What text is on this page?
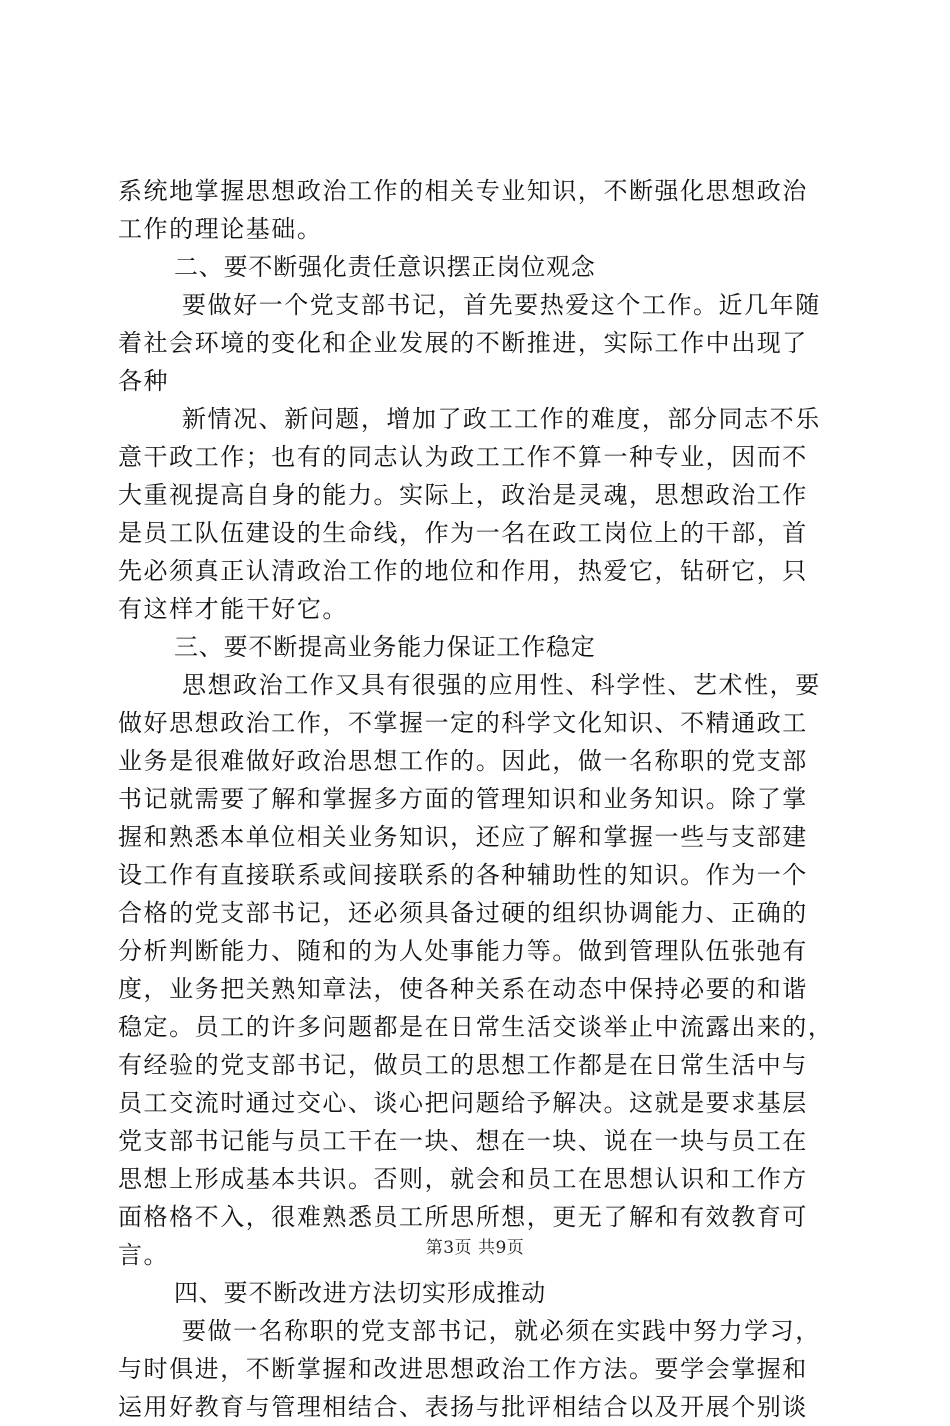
系统地掌握思想政治工作的相关专业知识，不断强化思想政治
工作的理论基础。
二、要不断强化责任意识摆正岗位观念
要做好一个党支部书记，首先要热爱这个工作。近几年随
着社会环境的变化和企业发展的不断推进，实际工作中出现了
各种
新情况、新问题，增加了政工工作的难度，部分同志不乐
意干政工作；也有的同志认为政工工作不算一种专业，因而不
大重视提高自身的能力。实际上，政治是灵魂，思想政治工作
是员工队伍建设的生命线，作为一名在政工岗位上的干部，首
先必须真正认清政治工作的地位和作用，热爱它，钻研它，只
有这样才能干好它。
三、要不断提高业务能力保证工作稳定
思想政治工作又具有很强的应用性、科学性、艺术性，要
做好思想政治工作，不掌握一定的科学文化知识、不精通政工
业务是很难做好政治思想工作的。因此，做一名称职的党支部
书记就需要了解和掌握多方面的管理知识和业务知识。除了掌
握和熟悉本单位相关业务知识，还应了解和掌握一些与支部建
设工作有直接联系或间接联系的各种辅助性的知识。作为一个
合格的党支部书记，还必须具备过硬的组织协调能力、正确的
分析判断能力、随和的为人处事能力等。做到管理队伍张弛有
度，业务把关熟知章法，使各种关系在动态中保持必要的和谐
稳定。员工的许多问题都是在日常生活交谈举止中流露出来的，
有经验的党支部书记，做员工的思想工作都是在日常生活中与
员工交流时通过交心、谈心把问题给予解决。这就是要求基层
党支部书记能与员工干在一块、想在一块、说在一块与员工在
思想上形成基本共识。否则，就会和员工在思想认识和工作方
面格格不入，很难熟悉员工所思所想，更无了解和有效教育可
言。
四、要不断改进方法切实形成推动
要做一名称职的党支部书记，就必须在实践中努力学习，
与时俱进，不断掌握和改进思想政治工作方法。要学会掌握和
运用好教育与管理相结合、表扬与批评相结合以及开展个别谈
第3页 共9页
